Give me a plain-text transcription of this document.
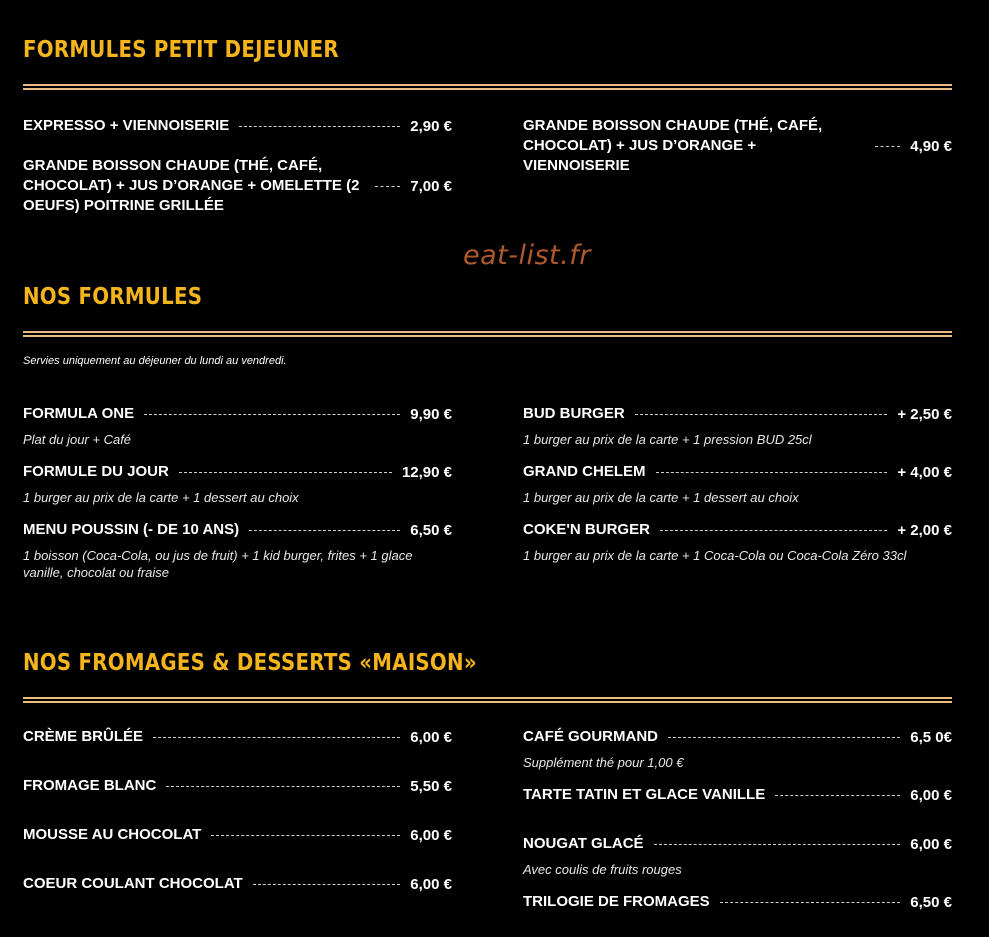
FORMULES PETIT DEJEUNER
EXPRESSO + VIENNOISERIE	2,90 €
GRANDE BOISSON CHAUDE (THÉ, CAFÉ, CHOCOLAT) + JUS D’ORANGE + OMELETTE (2 OEUFS) POITRINE GRILLÉE
7,00 €
GRANDE BOISSON CHAUDE (THÉ, CAFÉ, CHOCOLAT) + JUS D’ORANGE + VIENNOISERIE
4,90 €
eat-list.fr
NOS FORMULES
Servies uniquement au déjeuner du lundi au vendredi.
FORMULA ONE	9,90 €
Plat du jour + Café
FORMULE DU JOUR	12,90 €
1 burger au prix de la carte + 1 dessert au choix
MENU POUSSIN (- DE 10 ANS)	6,50 €
1 boisson (Coca-Cola, ou jus de fruit) + 1 kid burger, frites + 1 glace vanille, chocolat ou fraise
BUD BURGER	+ 2,50 €
1 burger au prix de la carte + 1 pression BUD 25cl
GRAND CHELEM	+ 4,00 €
1 burger au prix de la carte + 1 dessert au choix
COKE'N BURGER	+ 2,00 €
1 burger au prix de la carte + 1 Coca-Cola ou Coca-Cola Zéro 33cl
NOS FROMAGES & DESSERTS «MAISON»
CRÈME BRÛLÉE	6,00 €
FROMAGE BLANC	5,50 €
MOUSSE AU CHOCOLAT	6,00 €
COEUR COULANT CHOCOLAT	6,00 €
CAFÉ GOURMAND	6,5 0€
Supplément thé pour 1,00 €
TARTE TATIN ET GLACE VANILLE	6,00 €
NOUGAT GLACÉ	6,00 €
Avec coulis de fruits rouges
TRILOGIE DE FROMAGES	6,50 €
